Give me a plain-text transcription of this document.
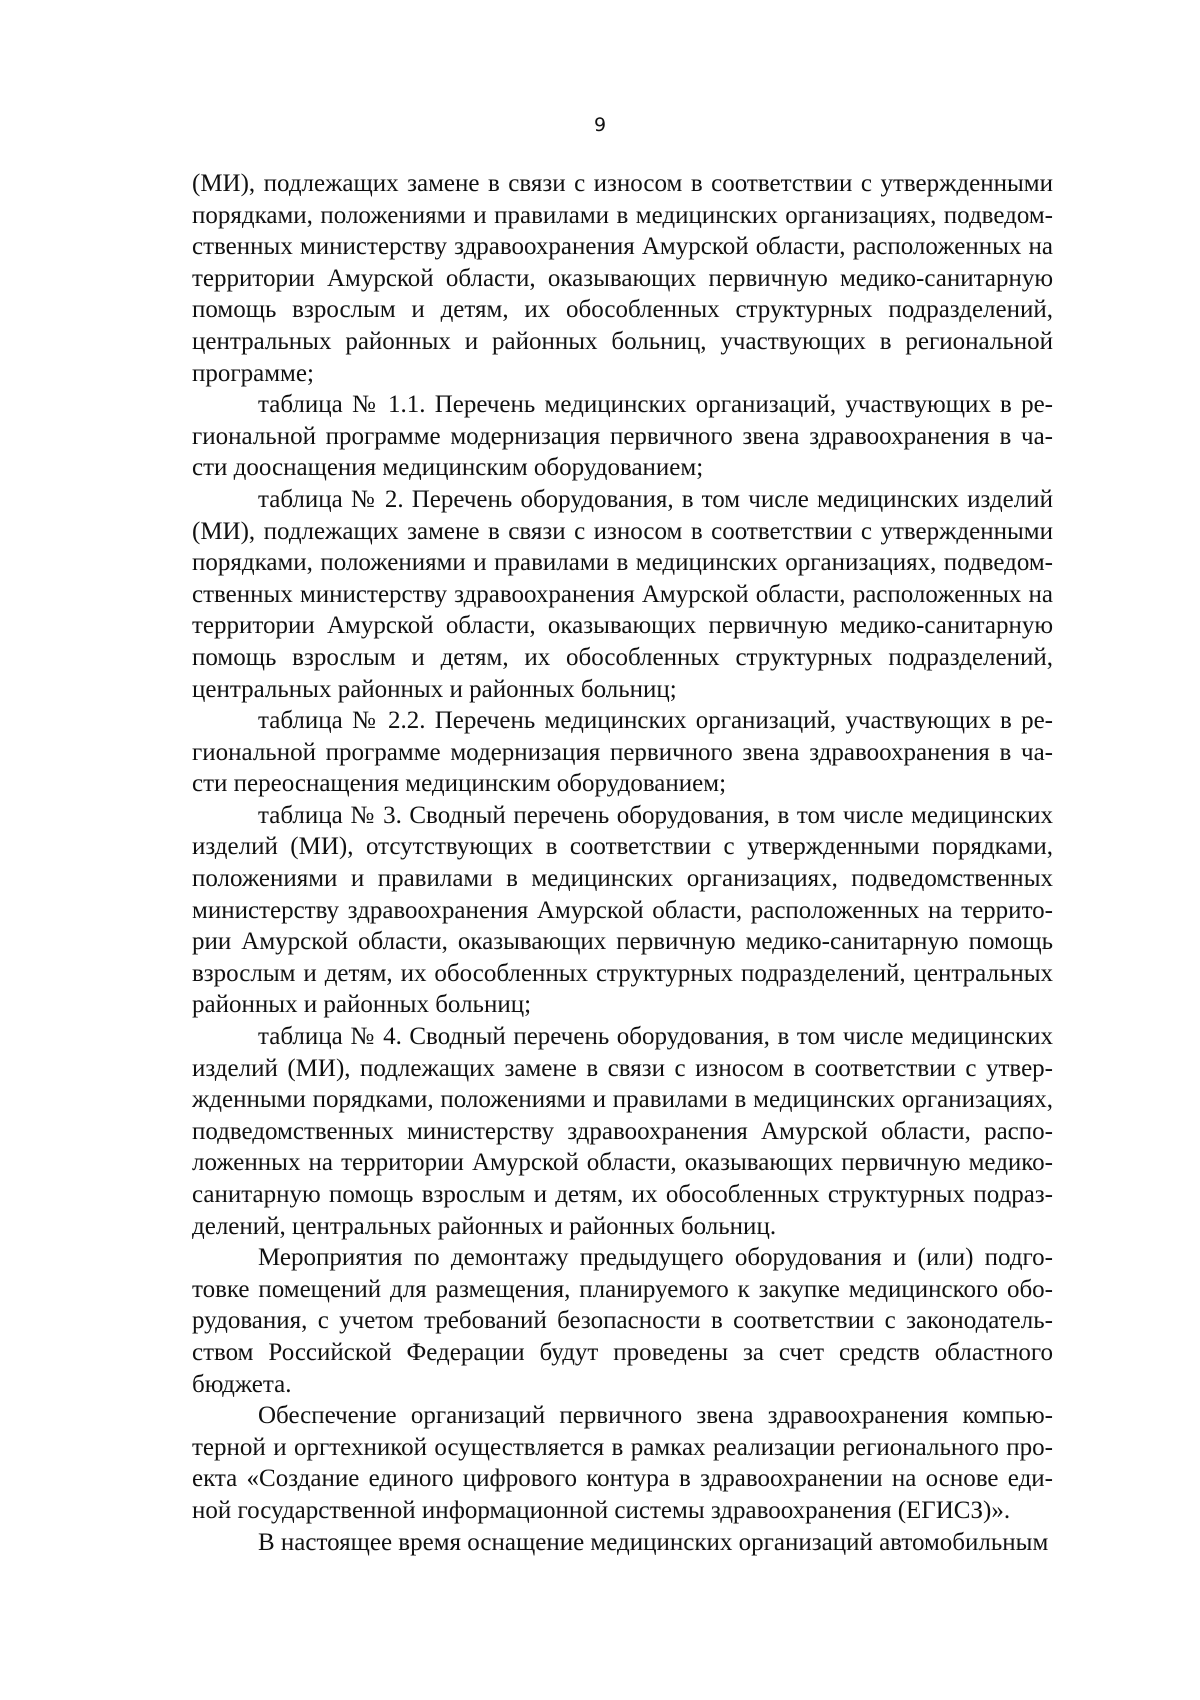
9

(МИ), подлежащих замене в связи с износом в соответствии с утвержденными порядками, положениями и правилами в медицинских организациях, подведомственных министерству здравоохранения Амурской области, расположенных на территории Амурской области, оказывающих первичную медико-санитарную помощь взрослым и детям, их обособленных структурных подразделений, центральных районных и районных больниц, участвующих в региональной программе;

таблица № 1.1. Перечень медицинских организаций, участвующих в региональной программе модернизация первичного звена здравоохранения в части дооснащения медицинским оборудованием;

таблица № 2. Перечень оборудования, в том числе медицинских изделий (МИ), подлежащих замене в связи с износом в соответствии с утвержденными порядками, положениями и правилами в медицинских организациях, подведомственных министерству здравоохранения Амурской области, расположенных на территории Амурской области, оказывающих первичную медико-санитарную помощь взрослым и детям, их обособленных структурных подразделений, центральных районных и районных больниц;

таблица № 2.2. Перечень медицинских организаций, участвующих в региональной программе модернизация первичного звена здравоохранения в части переоснащения медицинским оборудованием;

таблица № 3. Сводный перечень оборудования, в том числе медицинских изделий (МИ), отсутствующих в соответствии с утвержденными порядками, положениями и правилами в медицинских организациях, подведомственных министерству здравоохранения Амурской области, расположенных на территории Амурской области, оказывающих первичную медико-санитарную помощь взрослым и детям, их обособленных структурных подразделений, центральных районных и районных больниц;

таблица № 4. Сводный перечень оборудования, в том числе медицинских изделий (МИ), подлежащих замене в связи с износом в соответствии с утвержденными порядками, положениями и правилами в медицинских организациях, подведомственных министерству здравоохранения Амурской области, расположенных на территории Амурской области, оказывающих первичную медико-санитарную помощь взрослым и детям, их обособленных структурных подразделений, центральных районных и районных больниц.

Мероприятия по демонтажу предыдущего оборудования и (или) подготовке помещений для размещения, планируемого к закупке медицинского оборудования, с учетом требований безопасности в соответствии с законодательством Российской Федерации будут проведены за счет средств областного бюджета.

Обеспечение организаций первичного звена здравоохранения компьютерной и оргтехникой осуществляется в рамках реализации регионального проекта «Создание единого цифрового контура в здравоохранении на основе единой государственной информационной системы здравоохранения (ЕГИСЗ)».

В настоящее время оснащение медицинских организаций автомобильным
